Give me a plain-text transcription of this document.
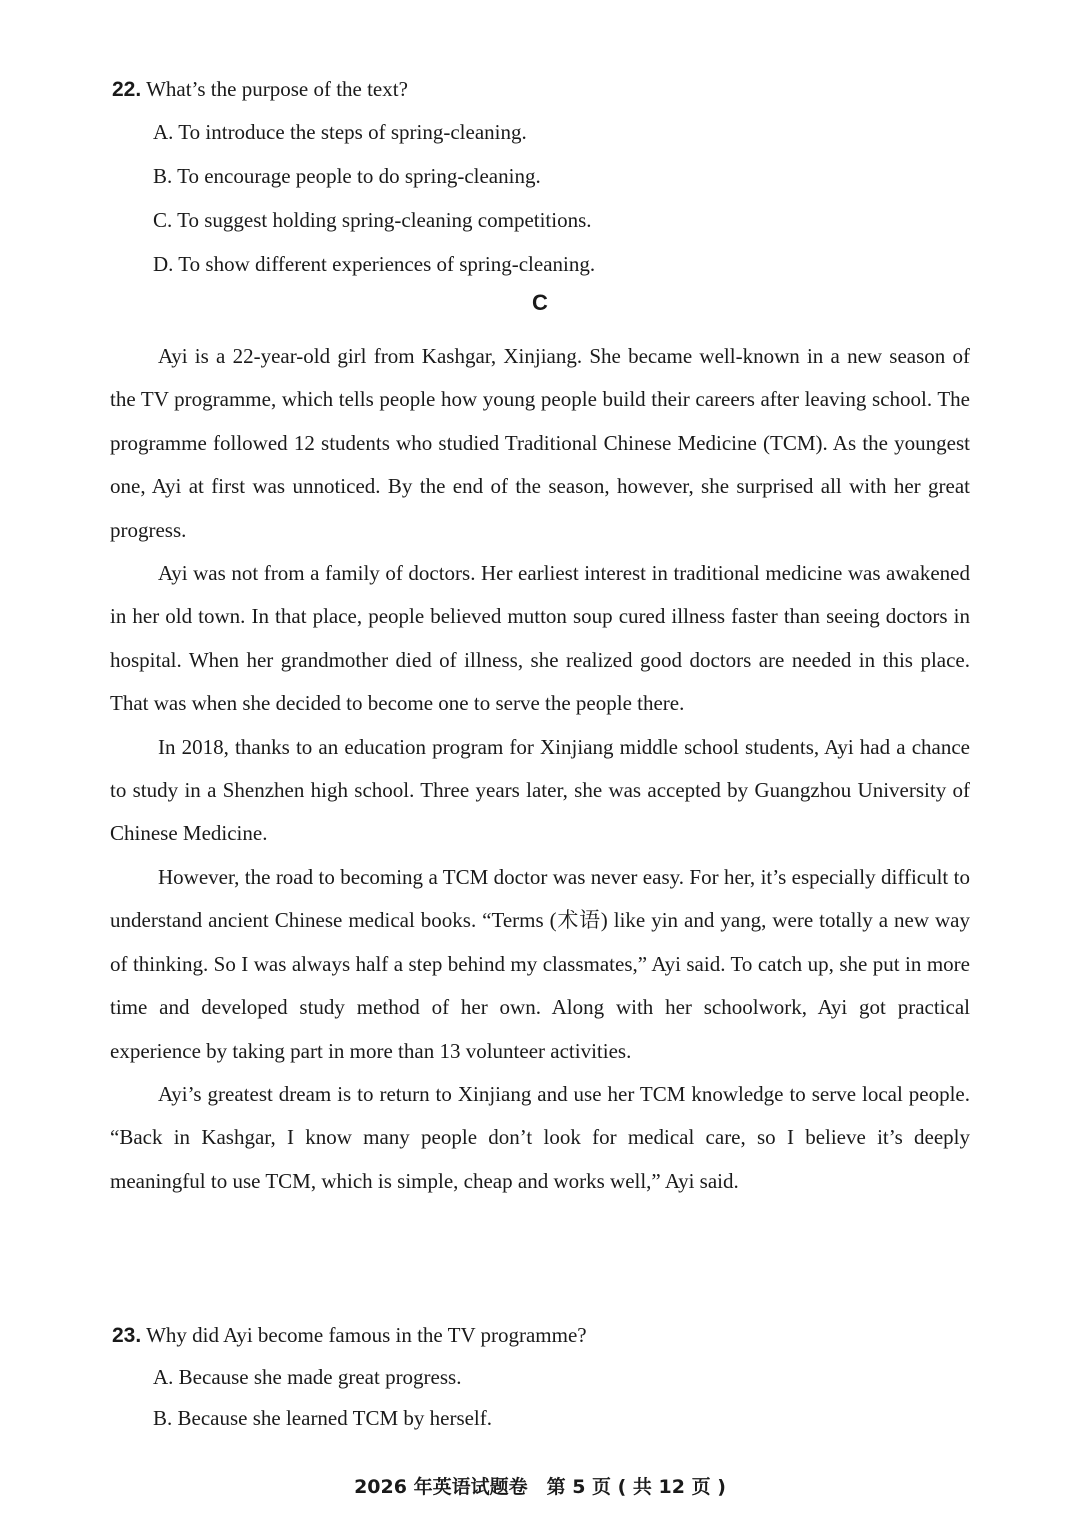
22. What’s the purpose of the text?
A. To introduce the steps of spring-cleaning.
B. To encourage people to do spring-cleaning.
C. To suggest holding spring-cleaning competitions.
D. To show different experiences of spring-cleaning.
C

Ayi is a 22-year-old girl from Kashgar, Xinjiang. She became well-known in a new season of the TV programme, which tells people how young people build their careers after leaving school. The programme followed 12 students who studied Traditional Chinese Medicine (TCM). As the youngest one, Ayi at first was unnoticed. By the end of the season, however, she surprised all with her great progress.

Ayi was not from a family of doctors. Her earliest interest in traditional medicine was awakened in her old town. In that place, people believed mutton soup cured illness faster than seeing doctors in hospital. When her grandmother died of illness, she realized good doctors are needed in this place. That was when she decided to become one to serve the people there.

In 2018, thanks to an education program for Xinjiang middle school students, Ayi had a chance to study in a Shenzhen high school. Three years later, she was accepted by Guangzhou University of Chinese Medicine.

However, the road to becoming a TCM doctor was never easy. For her, it’s especially difficult to understand ancient Chinese medical books. “Terms (术语) like yin and yang, were totally a new way of thinking. So I was always half a step behind my classmates,” Ayi said. To catch up, she put in more time and developed study method of her own. Along with her schoolwork, Ayi got practical experience by taking part in more than 13 volunteer activities.

Ayi’s greatest dream is to return to Xinjiang and use her TCM knowledge to serve local people. “Back in Kashgar, I know many people don’t look for medical care, so I believe it’s deeply meaningful to use TCM, which is simple, cheap and works well,” Ayi said.

23. Why did Ayi become famous in the TV programme?
A. Because she made great progress.
B. Because she learned TCM by herself.
2026 年英语试题卷　第 5 页 ( 共 12 页 )
